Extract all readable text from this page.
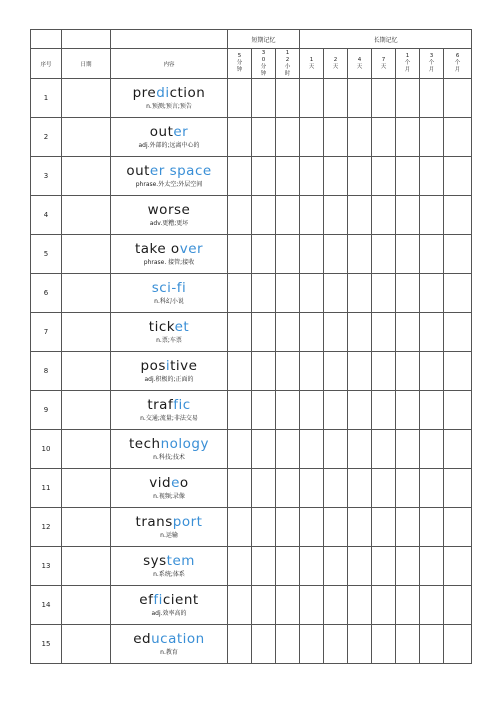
			短期记忆			长期记忆						
序号	日期	内容	5分钟	30分钟	12小时	1天	2天	4天	7天	1个月	3个月	6个月
1		prediction
n.预测;预言;预告										

2		outer
adj.外部的;远离中心的										

3		outer space
phrase.外太空;外层空间										

4		worse
adv.更糟;更坏										

5		take over
phrase. 接管;接收										

6		sci-fi
n.科幻小说										

7		ticket
n.票;车票										

8		positive
adj.积极的;正面的										

9		traffic
n.交通;流量;非法交易										

10		technology
n.科技;技术										

11		video
n.视频;录像										

12		transport
n.运输										

13		system
n.系统;体系										

14		efficient
adj.效率高的										

15		education
n.教育										
